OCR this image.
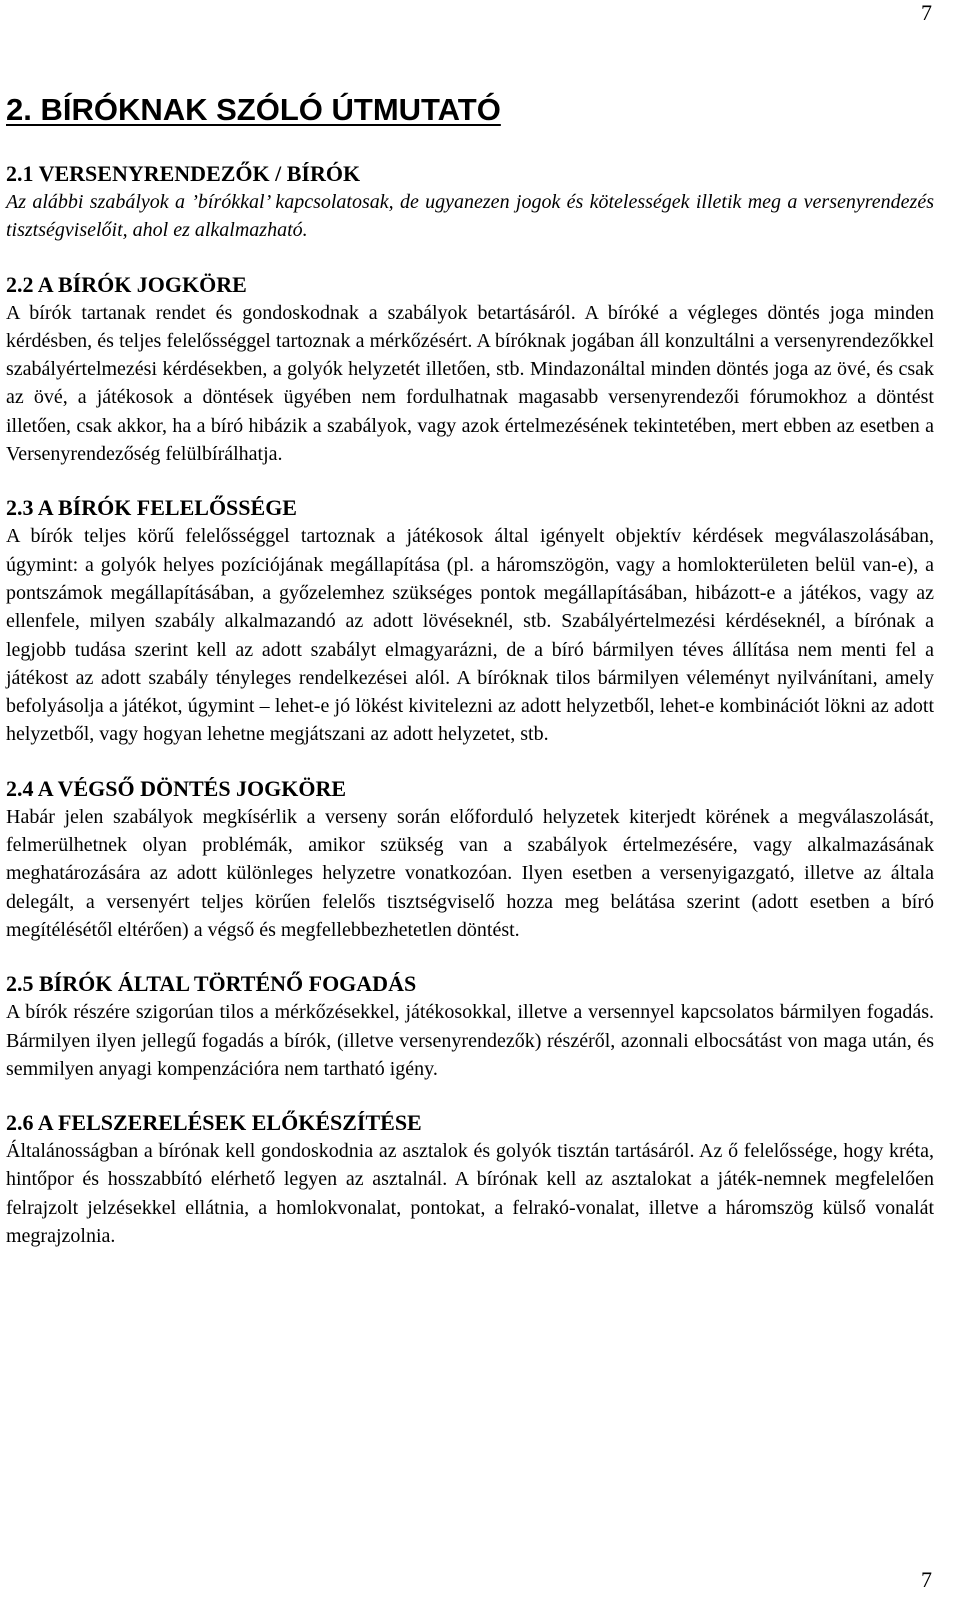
7
2. BÍRÓKNAK SZÓLÓ ÚTMUTATÓ
2.1 VERSENYRENDEZŐK / BÍRÓK

Az alábbi szabályok a ’bírókkal’ kapcsolatosak, de ugyanezen jogok és kötelességek illetik meg a versenyrendezés tisztségviselőit, ahol ez alkalmazható.

2.2 A BÍRÓK JOGKÖRE

A bírók tartanak rendet és gondoskodnak a szabályok betartásáról. A bíróké a végleges döntés joga minden kérdésben, és teljes felelősséggel tartoznak a mérkőzésért. A bíróknak jogában áll konzultálni a versenyrendezőkkel szabályértelmezési kérdésekben, a golyók helyzetét illetően, stb. Mindazonáltal minden döntés joga az övé, és csak az övé, a játékosok a döntések ügyében nem fordulhatnak magasabb versenyrendezői fórumokhoz a döntést illetően, csak akkor, ha a bíró hibázik a szabályok, vagy azok értelmezésének tekintetében, mert ebben az esetben a Versenyrendezőség felülbírálhatja.

2.3 A BÍRÓK FELELŐSSÉGE

A bírók teljes körű felelősséggel tartoznak a játékosok által igényelt objektív kérdések megválaszolásában, úgymint: a golyók helyes pozíciójának megállapítása (pl. a háromszögön, vagy a homlokterületen belül van-e), a pontszámok megállapításában, a győzelemhez szükséges pontok megállapításában, hibázott-e a játékos, vagy az ellenfele, milyen szabály alkalmazandó az adott lövéseknél, stb. Szabályértelmezési kérdéseknél, a bírónak a legjobb tudása szerint kell az adott szabályt elmagyarázni, de a bíró bármilyen téves állítása nem menti fel a játékost az adott szabály tényleges rendelkezései alól. A bíróknak tilos bármilyen véleményt nyilvánítani, amely befolyásolja a játékot, úgymint – lehet-e jó lökést kivitelezni az adott helyzetből, lehet-e kombinációt lökni az adott helyzetből, vagy hogyan lehetne megjátszani az adott helyzetet, stb.

2.4 A VÉGSŐ DÖNTÉS JOGKÖRE

Habár jelen szabályok megkísérlik a verseny során előforduló helyzetek kiterjedt körének a megválaszolását, felmerülhetnek olyan problémák, amikor szükség van a szabályok értelmezésére, vagy alkalmazásának meghatározására az adott különleges helyzetre vonatkozóan. Ilyen esetben a versenyigazgató, illetve az általa delegált, a versenyért teljes körűen felelős tisztségviselő hozza meg belátása szerint (adott esetben a bíró megítélésétől eltérően) a végső és megfellebbezhetetlen döntést.

2.5 BÍRÓK ÁLTAL TÖRTÉNŐ FOGADÁS

A bírók részére szigorúan tilos a mérkőzésekkel, játékosokkal, illetve a versennyel kapcsolatos bármilyen fogadás. Bármilyen ilyen jellegű fogadás a bírók, (illetve versenyrendezők) részéről, azonnali elbocsátást von maga után, és semmilyen anyagi kompenzációra nem tartható igény.

2.6 A FELSZERELÉSEK ELŐKÉSZÍTÉSE

Általánosságban a bírónak kell gondoskodnia az asztalok és golyók tisztán tartásáról. Az ő felelőssége, hogy kréta, hintőpor és hosszabbító elérhető legyen az asztalnál. A bírónak kell az asztalokat a játék-nemnek megfelelően felrajzolt jelzésekkel ellátnia, a homlokvonalat, pontokat, a felrakó-vonalat, illetve a háromszög külső vonalát megrajzolnia.

7
